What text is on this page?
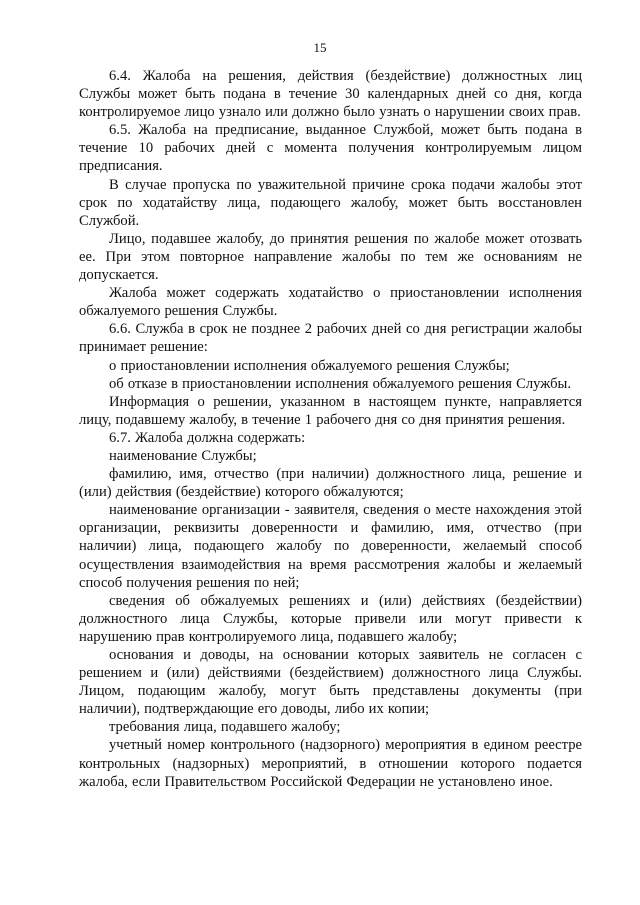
15

6.4. Жалоба на решения, действия (бездействие) должностных лиц Службы может быть подана в течение 30 календарных дней со дня, когда контролируемое лицо узнало или должно было узнать о нарушении своих прав.

6.5. Жалоба на предписание, выданное Службой, может быть подана в течение 10 рабочих дней с момента получения контролируемым лицом предписания.

В случае пропуска по уважительной причине срока подачи жалобы этот срок по ходатайству лица, подающего жалобу, может быть восстановлен Службой.

Лицо, подавшее жалобу, до принятия решения по жалобе может отозвать ее. При этом повторное направление жалобы по тем же основаниям не допускается.

Жалоба может содержать ходатайство о приостановлении исполнения обжалуемого решения Службы.

6.6. Служба в срок не позднее 2 рабочих дней со дня регистрации жалобы принимает решение:

о приостановлении исполнения обжалуемого решения Службы;

об отказе в приостановлении исполнения обжалуемого решения Службы.

Информация о решении, указанном в настоящем пункте, направляется лицу, подавшему жалобу, в течение 1 рабочего дня со дня принятия решения.

6.7. Жалоба должна содержать:

наименование Службы;

фамилию, имя, отчество (при наличии) должностного лица, решение и (или) действия (бездействие) которого обжалуются;

наименование организации - заявителя, сведения о месте нахождения этой организации, реквизиты доверенности и фамилию, имя, отчество (при наличии) лица, подающего жалобу по доверенности, желаемый способ осуществления взаимодействия на время рассмотрения жалобы и желаемый способ получения решения по ней;

сведения об обжалуемых решениях и (или) действиях (бездействии) должностного лица Службы, которые привели или могут привести к нарушению прав контролируемого лица, подавшего жалобу;

основания и доводы, на основании которых заявитель не согласен с решением и (или) действиями (бездействием) должностного лица Службы. Лицом, подающим жалобу, могут быть представлены документы (при наличии), подтверждающие его доводы, либо их копии;

требования лица, подавшего жалобу;

учетный номер контрольного (надзорного) мероприятия в едином реестре контрольных (надзорных) мероприятий, в отношении которого подается жалоба, если Правительством Российской Федерации не установлено иное.
